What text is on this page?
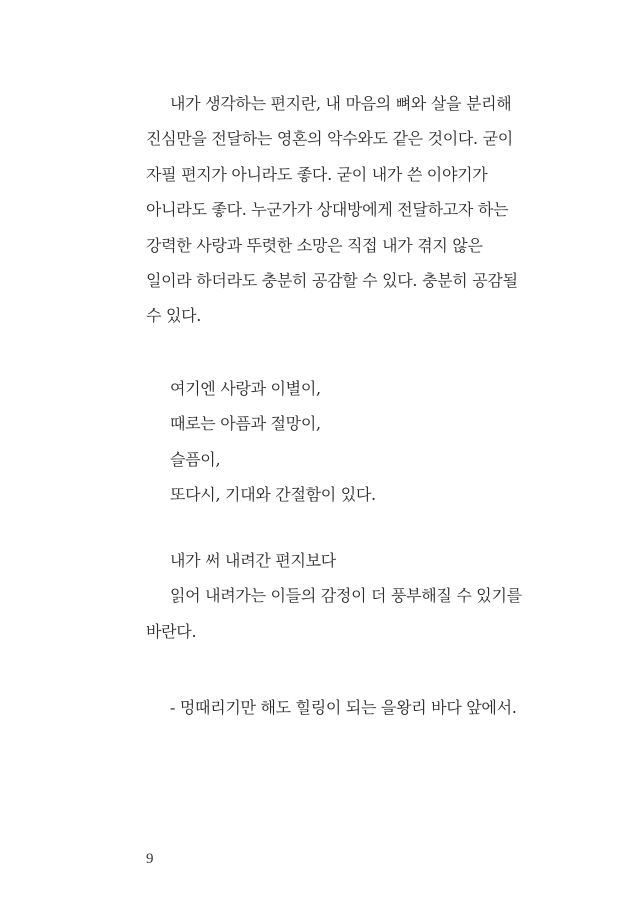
내가 생각하는 편지란, 내 마음의 뼈와 살을 분리해
진심만을 전달하는 영혼의 악수와도 같은 것이다. 굳이
자필 편지가 아니라도 좋다. 굳이 내가 쓴 이야기가
아니라도 좋다. 누군가가 상대방에게 전달하고자 하는
강력한 사랑과 뚜렷한 소망은 직접 내가 겪지 않은
일이라 하더라도 충분히 공감할 수 있다. 충분히 공감될
수 있다.
여기엔 사랑과 이별이,
때로는 아픔과 절망이,
슬픔이,
또다시, 기대와 간절함이 있다.
내가 써 내려간 편지보다
읽어 내려가는 이들의 감정이 더 풍부해질 수 있기를
바란다.
- 멍때리기만 해도 힐링이 되는 을왕리 바다 앞에서.
9
